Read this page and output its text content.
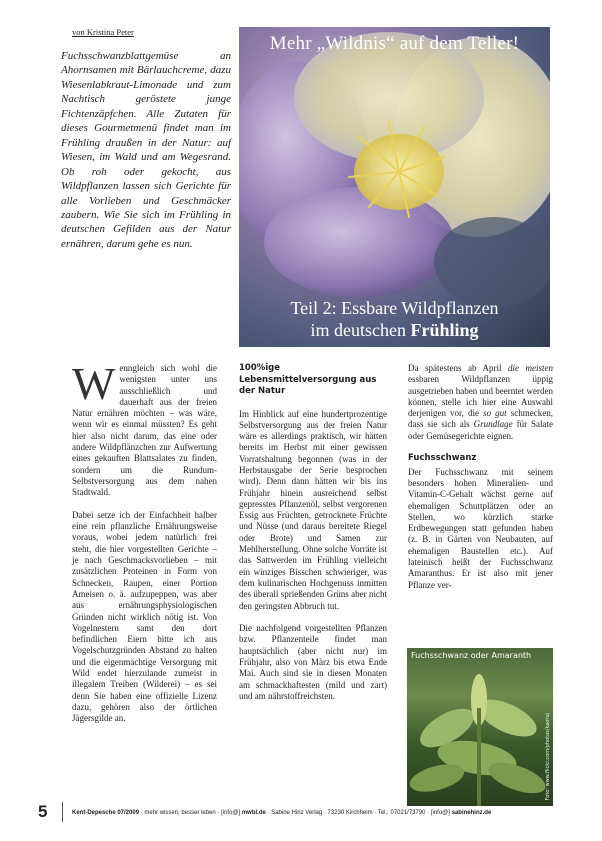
von Kristina Peter
Fuchsschwanzblattgemüse an Ahornsamen mit Bärlauchcreme, dazu Wiesenlabkraut-Limonade und zum Nachtisch geröstete junge Fichtenzäpfchen. Alle Zutaten für dieses Gourmetmenü findet man im Frühling draußen in der Natur: auf Wiesen, im Wald und am Wegesrand. Ob roh oder gekocht, aus Wildpflanzen lassen sich Gerichte für alle Vorlieben und Geschmäcker zaubern. Wie Sie sich im Frühling in deutschen Gefilden aus der Natur ernähren, darum gehe es nun.
Mehr „Wildnis“ auf dem Teller!
Teil 2: Essbare Wildpflanzen
im deutschen Frühling

Wenngleich sich wohl die wenigsten unter uns ausschließlich und dauerhaft aus der freien Natur ernähren möchten – was wäre, wenn wir es einmal müssten? Es geht hier also nicht darum, das eine oder andere Wildpflänzchen zur Aufwertung eines gekauften Blattsalates zu finden, sondern um die Rundum-Selbstversorgung aus dem nahen Stadtwald.

Dabei setze ich der Einfachheit halber eine rein pflanzliche Ernährungsweise voraus, wobei jedem natürlich frei steht, die hier vorgestellten Gerichte – je nach Geschmacksvorlieben – mit zusätzlichen Proteinen in Form von Schnecken, Raupen, einer Portion Ameisen o. ä. aufzupeppen, was aber aus ernährungsphysiologischen Gründen nicht wirklich nötig ist. Von Vogelnestern samt den dort befindlichen Eiern bitte ich aus Vogelschutzgründen Abstand zu halten und die eigenmächtige Versorgung mit Wild endet hierzulande zumeist in illegalem Treiben (Wilderei) – es sei denn Sie haben eine offizielle Lizenz dazu, gehören also der örtlichen Jägersgilde an.

100%ige Lebensmittelversorgung aus der Natur

Im Hinblick auf eine hundertprozentige Selbstversorgung aus der freien Natur wäre es allerdings praktisch, wir hätten bereits im Herbst mit einer gewissen Vorratshaltung begonnen (was in der Herbstausgabe der Serie besprochen wird). Denn dann hätten wir bis ins Frühjahr hinein ausreichend selbst gepresstes Pflanzenöl, selbst vergorenen Essig aus Früchten, getrocknete Früchte und Nüsse (und daraus bereitete Riegel oder Brote) und Samen zur Mehlherstellung. Ohne solche Vorräte ist das Sattwerden im Frühling vielleicht ein winziges Bisschen schwieriger, was dem kulinarischen Hochgenuss inmitten des überall sprießenden Grüns aber nicht den geringsten Abbruch tut.

Die nachfolgend vorgestellten Pflanzen bzw. Pflanzenteile findet man hauptsächlich (aber nicht nur) im Frühjahr, also von März bis etwa Ende Mai. Auch sind sie in diesen Monaten am schmackhaftesten (mild und zart) und am nährstoffreichsten.

Da spätestens ab April die meisten essbaren Wildpflanzen üppig ausgetrieben haben und beerntet werden können, stelle ich hier eine Auswahl derjenigen vor, die so gut schmecken, dass sie sich als Grundlage für Salate oder Gemüsegerichte eignen.

Fuchsschwanz

Der Fuchsschwanz mit seinem besonders hohen Mineralien- und Vitamin-C-Gehalt wächst gerne auf ehemaligen Schuttplätzen oder an Stellen, wo kürzlich starke Erdbewegungen statt gefunden haben (z. B. in Gärten von Neubauten, auf ehemaligen Baustellen etc.). Auf lateinisch heißt der Fuchsschwanz Amaranthus. Er ist also mit jener Pflanze ver-

Fuchsschwanz oder Amaranth
Foto: www.flickr.com/photos/kaoruj
5	Kent-Depesche 07/2009 · mehr wissen, besser leben · [info@] mwbl.de · Sabine Hinz Verlag · 73230 Kirchheim · Tel.: 07021/73790 · [info@] sabinehinz.de
